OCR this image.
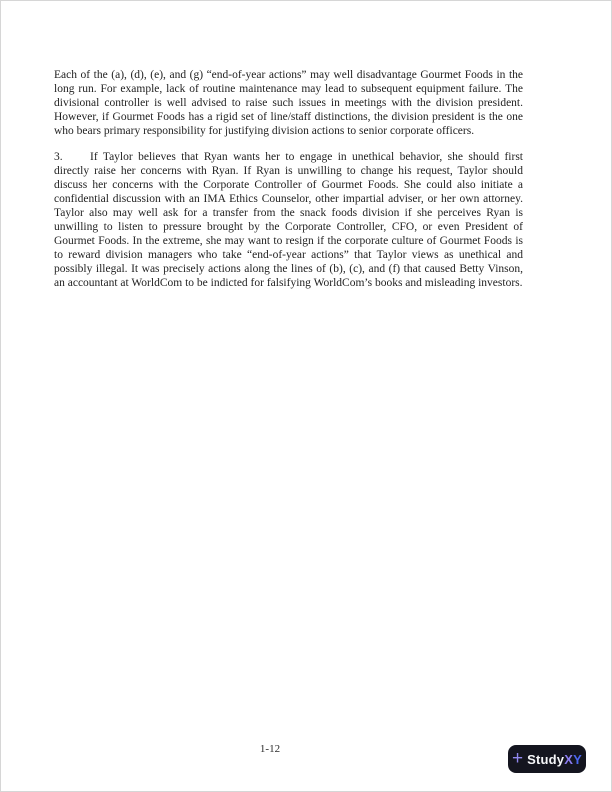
Each of the (a), (d), (e), and (g) “end-of-year actions” may well disadvantage Gourmet Foods in the long run. For example, lack of routine maintenance may lead to subsequent equipment failure. The divisional controller is well advised to raise such issues in meetings with the division president. However, if Gourmet Foods has a rigid set of line/staff distinctions, the division president is the one who bears primary responsibility for justifying division actions to senior corporate officers.

3. If Taylor believes that Ryan wants her to engage in unethical behavior, she should first directly raise her concerns with Ryan. If Ryan is unwilling to change his request, Taylor should discuss her concerns with the Corporate Controller of Gourmet Foods. She could also initiate a confidential discussion with an IMA Ethics Counselor, other impartial adviser, or her own attorney. Taylor also may well ask for a transfer from the snack foods division if she perceives Ryan is unwilling to listen to pressure brought by the Corporate Controller, CFO, or even President of Gourmet Foods. In the extreme, she may want to resign if the corporate culture of Gourmet Foods is to reward division managers who take “end-of-year actions” that Taylor views as unethical and possibly illegal. It was precisely actions along the lines of (b), (c), and (f) that caused Betty Vinson, an accountant at WorldCom to be indicted for falsifying WorldCom’s books and misleading investors.

1-12	+ Study X Y
